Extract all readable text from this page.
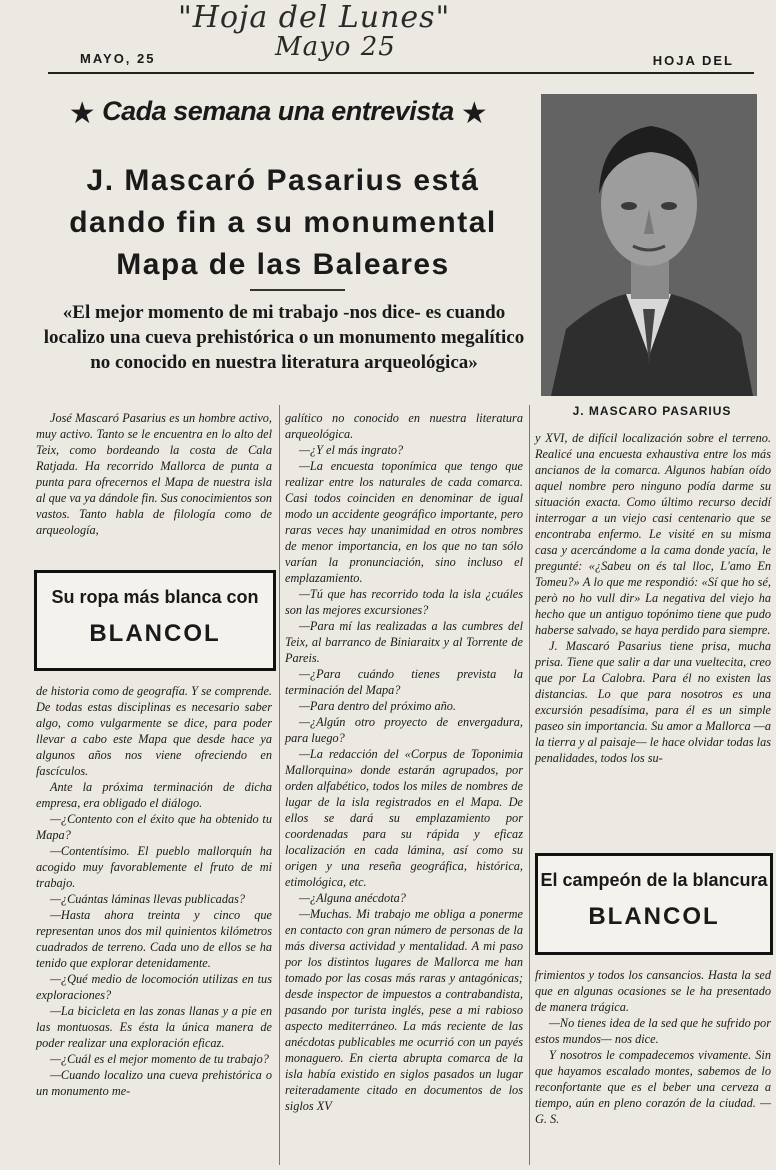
"Hoja del Lunes"
Mayo 25
MAYO, 25	HOJA DEL
★ Cada semana una entrevista ★
J. Mascaró Pasarius está
dando fin a su monumental
Mapa de las Baleares
«El mejor momento de mi trabajo -nos dice- es cuando localizo una cueva prehistórica o un monumento megalítico no conocido en nuestra literatura arqueológica»
J. MASCARO PASARIUS

José Mascaró Pasarius es un hombre activo, muy activo. Tanto se le encuentra en lo alto del Teix, como bordeando la costa de Cala Ratjada. Ha recorrido Mallorca de punta a punta para ofrecernos el Mapa de nuestra isla al que va ya dándole fin. Sus conocimientos son vastos. Tanto habla de filología como de arqueología,

Su ropa más blanca con
BLANCOL

de historia como de geografía. Y se comprende. De todas estas disciplinas es necesario saber algo, como vulgarmente se dice, para poder llevar a cabo este Mapa que desde hace ya algunos años nos viene ofreciendo en fascículos.

Ante la próxima terminación de dicha empresa, era obligado el diálogo.

—¿Contento con el éxito que ha obtenido tu Mapa?

—Contentísimo. El pueblo mallorquín ha acogido muy favorablemente el fruto de mi trabajo.

—¿Cuántas láminas llevas publicadas?

—Hasta ahora treinta y cinco que representan unos dos mil quinientos kilómetros cuadrados de terreno. Cada uno de ellos se ha tenido que explorar detenidamente.

—¿Qué medio de locomoción utilizas en tus exploraciones?

—La bicicleta en las zonas llanas y a pie en las montuosas. Es ésta la única manera de poder realizar una exploración eficaz.

—¿Cuál es el mejor momento de tu trabajo?

—Cuando localizo una cueva prehistórica o un monumento me-

galítico no conocido en nuestra literatura arqueológica.

—¿Y el más ingrato?

—La encuesta toponímica que tengo que realizar entre los naturales de cada comarca. Casi todos coinciden en denominar de igual modo un accidente geográfico importante, pero raras veces hay unanimidad en otros nombres de menor importancia, en los que no tan sólo varían la pronunciación, sino incluso el emplazamiento.

—Tú que has recorrido toda la isla ¿cuáles son las mejores excursiones?

—Para mí las realizadas a las cumbres del Teix, al barranco de Biniaraitx y al Torrente de Pareis.

—¿Para cuándo tienes prevista la terminación del Mapa?

—Para dentro del próximo año.

—¿Algún otro proyecto de envergadura, para luego?

—La redacción del «Corpus de Toponimia Mallorquina» donde estarán agrupados, por orden alfabético, todos los miles de nombres de lugar de la isla registrados en el Mapa. De ellos se dará su emplazamiento por coordenadas para su rápida y eficaz localización en cada lámina, así como su origen y una reseña geográfica, histórica, etimológica, etc.

—¿Alguna anécdota?

—Muchas. Mi trabajo me obliga a ponerme en contacto con gran número de personas de la más diversa actividad y mentalidad. A mi paso por los distintos lugares de Mallorca me han tomado por las cosas más raras y antagónicas; desde inspector de impuestos a contrabandista, pasando por turista inglés, pese a mi rabioso aspecto mediterráneo. La más reciente de las anécdotas publicables me ocurrió con un payés monaguero. En cierta abrupta comarca de la isla había existido en siglos pasados un lugar reiteradamente citado en documentos de los siglos XV

y XVI, de difícil localización sobre el terreno. Realicé una encuesta exhaustiva entre los más ancianos de la comarca. Algunos habían oído aquel nombre pero ninguno podía darme su situación exacta. Como último recurso decidí interrogar a un viejo casi centenario que se encontraba enfermo. Le visité en su misma casa y acercándome a la cama donde yacía, le pregunté: «¿Sabeu on és tal lloc, L'amo En Tomeu?» A lo que me respondió: «Sí que ho sé, però no ho vull dir» La negativa del viejo ha hecho que un antiguo topónimo tiene que pudo haberse salvado, se haya perdido para siempre.

J. Mascaró Pasarius tiene prisa, mucha prisa. Tiene que salir a dar una vueltecita, creo que por La Calobra. Para él no existen las distancias. Lo que para nosotros es una excursión pesadísima, para él es un simple paseo sin importancia. Su amor a Mallorca —a la tierra y al paisaje— le hace olvidar todas las penalidades, todos los su-

El campeón de la blancura
BLANCOL

frimientos y todos los cansancios. Hasta la sed que en algunas ocasiones se le ha presentado de manera trágica.

—No tienes idea de la sed que he sufrido por estos mundos— nos dice.

Y nosotros le compadecemos vivamente. Sin que hayamos escalado montes, sabemos de lo reconfortante que es el beber una cerveza a tiempo, aún en pleno corazón de la ciudad. — G. S.
